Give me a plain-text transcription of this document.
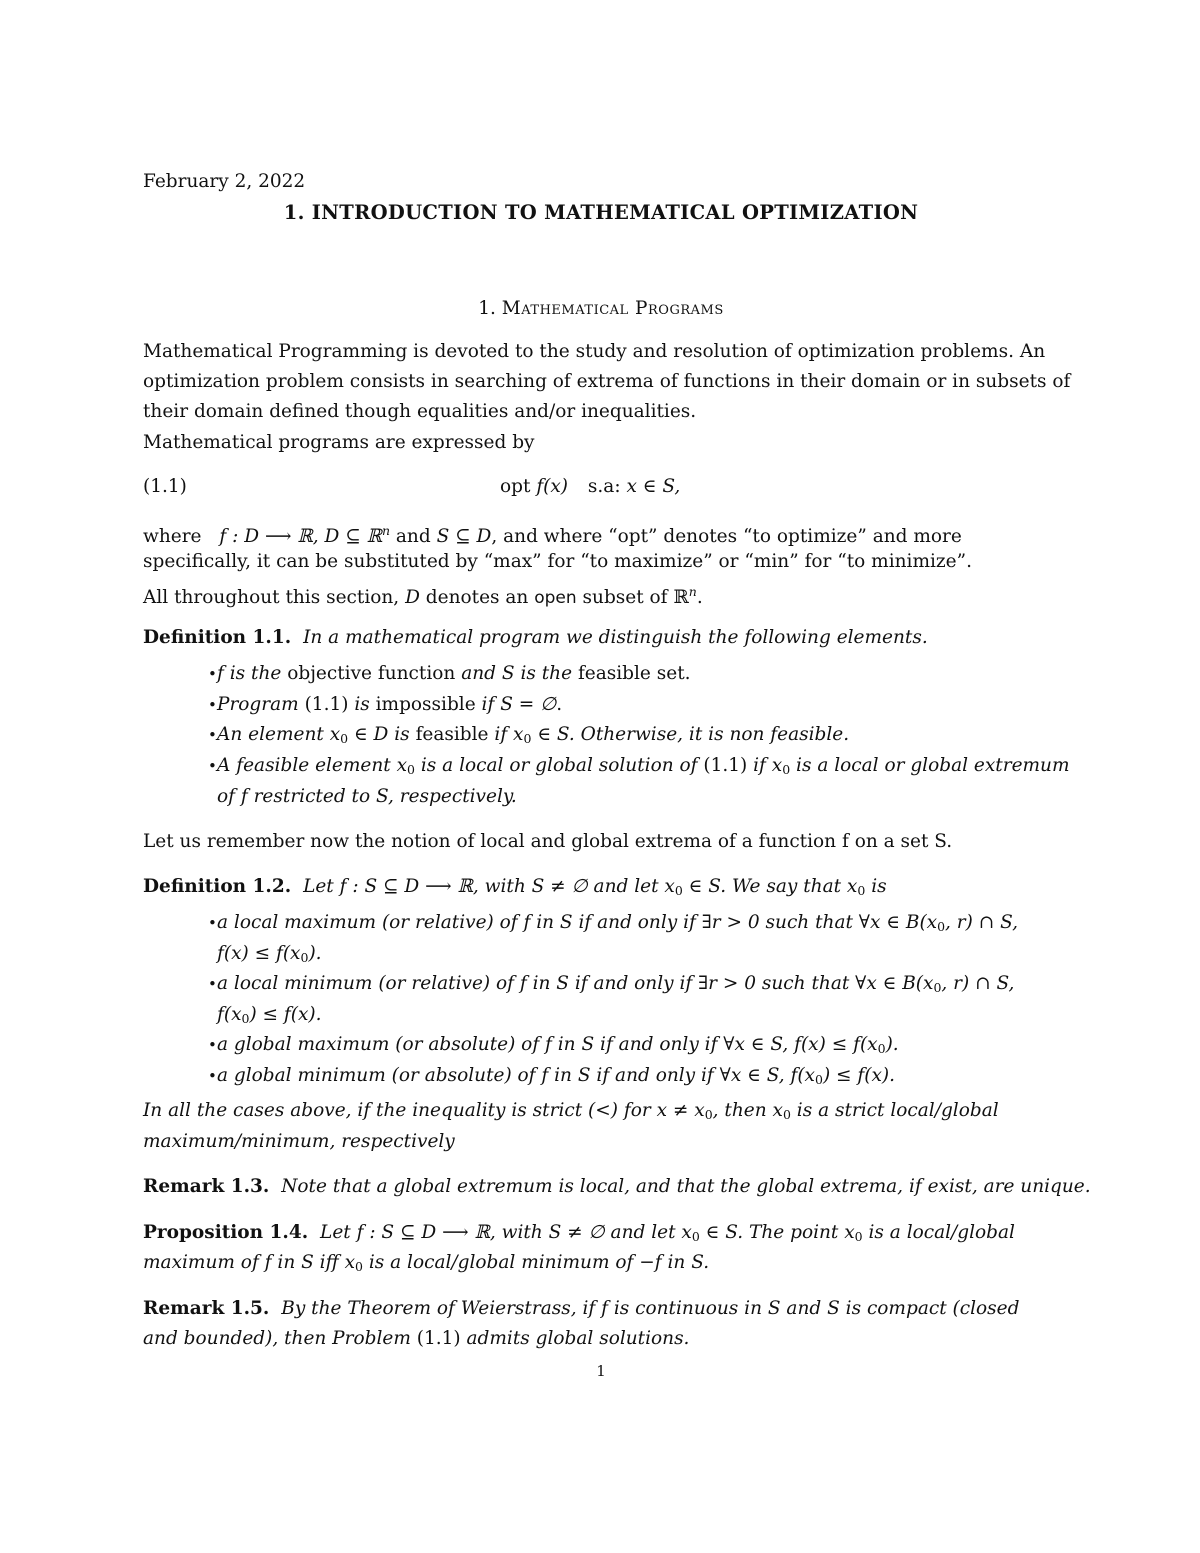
February 2, 2022
1. INTRODUCTION TO MATHEMATICAL OPTIMIZATION
1. Mathematical Programs
Mathematical Programming is devoted to the study and resolution of optimization problems. An
optimization problem consists in searching of extrema of functions in their domain or in subsets of
their domain defined though equalities and/or inequalities.
Mathematical programs are expressed by
(1.1)	opt f(x) s.a: x ∈ S,
where f : D ⟶ ℝ, D ⊆ ℝ$^n$ and S ⊆ D, and where “opt” denotes “to optimize” and more
specifically, it can be substituted by “max” for “to maximize” or “min” for “to minimize”.
All throughout this section, D denotes an open subset of ℝ$^n$.
Definition 1.1. In a mathematical program we distinguish the following elements.
• f is the objective function and S is the feasible set.
• Program (1.1) is impossible if S = ∅.
• An element $x_0$ ∈ D is feasible if $x_0$ ∈ S. Otherwise, it is non feasible.
• A feasible element $x_0$ is a local or global solution of (1.1) if $x_0$ is a local or global extremum
of f restricted to S, respectively.
Let us remember now the notion of local and global extrema of a function f on a set S.
Definition 1.2. Let f : S ⊆ D ⟶ ℝ, with S ≠ ∅ and let $x_0$ ∈ S. We say that $x_0$ is
• a local maximum (or relative) of f in S if and only if ∃r > 0 such that ∀x ∈ $B(x_0$, r) ∩ S,
$f(x) \le f(x_0)$.
• a local minimum (or relative) of f in S if and only if ∃r > 0 such that ∀x ∈ $B(x_0$, r) ∩ S,
$f(x_0) \le f(x)$.
• a global maximum (or absolute) of f in S if and only if ∀x ∈ S, $f(x) \le f(x_0)$.
• a global minimum (or absolute) of f in S if and only if ∀x ∈ S, $f(x_0) \le f(x)$.
In all the cases above, if the inequality is strict (<) for $x \ne x_0$, then $x_0$ is a strict local/global
maximum/minimum, respectively
Remark 1.3. Note that a global extremum is local, and that the global extrema, if exist, are unique.
Proposition 1.4. Let f : S ⊆ D ⟶ ℝ, with S ≠ ∅ and let $x_0$ ∈ S. The point $x_0$ is a local/global
maximum of f in S iff $x_0$ is a local/global minimum of −f in S.
Remark 1.5. By the Theorem of Weierstrass, if f is continuous in S and S is compact (closed
and bounded), then Problem (1.1) admits global solutions.
1
